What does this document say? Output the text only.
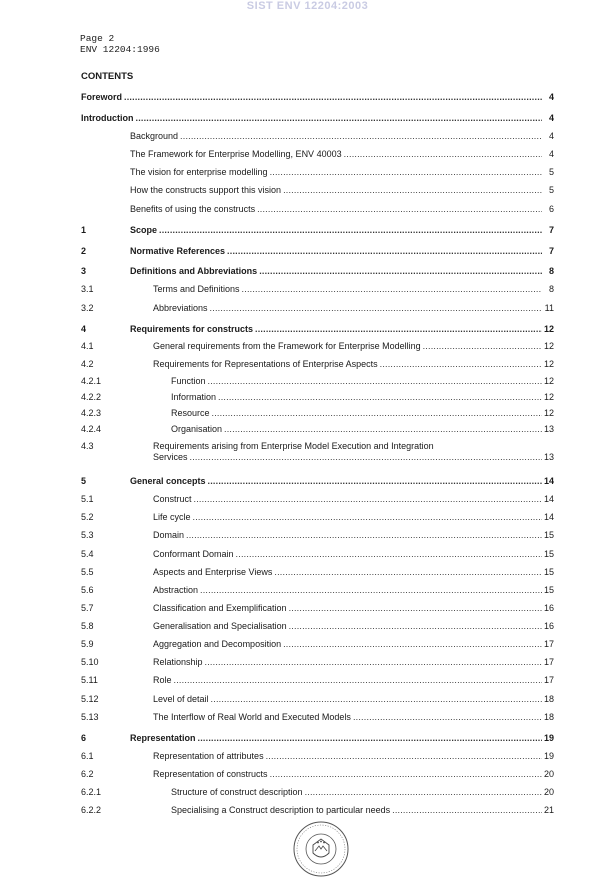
SIST ENV 12204:2003
Page 2
ENV 12204:1996
CONTENTS
Foreword .....	4
Introduction .....	4
Background .....	4
The Framework for Enterprise Modelling, ENV 40003 .....	4
The vision for enterprise modelling .....	5
How the constructs support this vision .....	5
Benefits of using the constructs .....	6
1	Scope .....	7
2	Normative References .....	7
3	Definitions and Abbreviations .....	8
3.1	Terms and Definitions .....	8
3.2	Abbreviations .....	11
4	Requirements for constructs .....	12
4.1	General requirements from the Framework for Enterprise Modelling .....	12
4.2	Requirements for Representations of Enterprise Aspects .....	12
4.2.1	Function .....	12
4.2.2	Information .....	12
4.2.3	Resource .....	12
4.2.4	Organisation .....	13
4.3	Requirements arising from Enterprise Model Execution and Integration
Services .....	13
5	General concepts .....	14
5.1	Construct .....	14
5.2	Life cycle .....	14
5.3	Domain .....	15
5.4	Conformant Domain .....	15
5.5	Aspects and Enterprise Views .....	15
5.6	Abstraction .....	15
5.7	Classification and Exemplification .....	16
5.8	Generalisation and Specialisation .....	16
5.9	Aggregation and Decomposition .....	17
5.10	Relationship .....	17
5.11	Role .....	17
5.12	Level of detail .....	18
5.13	The Interflow of Real World and Executed Models .....	18
6	Representation .....	19
6.1	Representation of attributes .....	19
6.2	Representation of constructs .....	20
6.2.1	Structure of construct description .....	20
6.2.2	Specialising a Construct description to particular needs .....	21
